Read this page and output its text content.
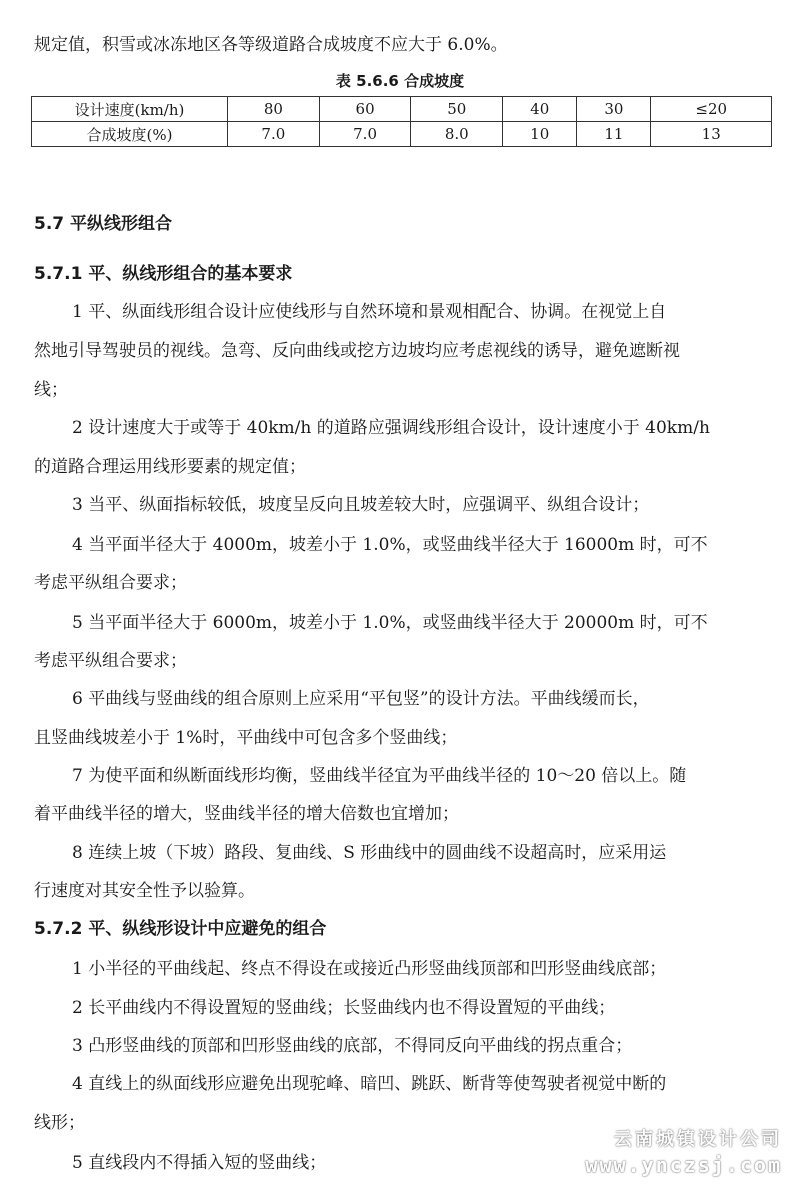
规定值，积雪或冰冻地区各等级道路合成坡度不应大于 6.0%。
表 5.6.6 合成坡度
设计速度(km/h)	80	60	50	40	30	≤20
合成坡度(%)	7.0	7.0	8.0	10	11	13
5.7 平纵线形组合
5.7.1 平、纵线形组合的基本要求
1 平、纵面线形组合设计应使线形与自然环境和景观相配合、协调。在视觉上自
然地引导驾驶员的视线。急弯、反向曲线或挖方边坡均应考虑视线的诱导，避免遮断视
线；
2 设计速度大于或等于 40km/h 的道路应强调线形组合设计，设计速度小于 40km/h
的道路合理运用线形要素的规定值；
3 当平、纵面指标较低，坡度呈反向且坡差较大时，应强调平、纵组合设计；
4 当平面半径大于 4000m，坡差小于 1.0%，或竖曲线半径大于 16000m 时，可不
考虑平纵组合要求；
5 当平面半径大于 6000m，坡差小于 1.0%，或竖曲线半径大于 20000m 时，可不
考虑平纵组合要求；
6 平曲线与竖曲线的组合原则上应采用“平包竖”的设计方法。平曲线缓而长，
且竖曲线坡差小于 1%时，平曲线中可包含多个竖曲线；
7 为使平面和纵断面线形均衡，竖曲线半径宜为平曲线半径的 10～20 倍以上。随
着平曲线半径的增大，竖曲线半径的增大倍数也宜增加；
8 连续上坡（下坡）路段、复曲线、S 形曲线中的圆曲线不设超高时，应采用运
行速度对其安全性予以验算。
5.7.2 平、纵线形设计中应避免的组合
1 小半径的平曲线起、终点不得设在或接近凸形竖曲线顶部和凹形竖曲线底部；
2 长平曲线内不得设置短的竖曲线；长竖曲线内也不得设置短的平曲线；
3 凸形竖曲线的顶部和凹形竖曲线的底部，不得同反向平曲线的拐点重合；
4 直线上的纵面线形应避免出现驼峰、暗凹、跳跃、断背等使驾驶者视觉中断的
线形；
5 直线段内不得插入短的竖曲线；
云南城镇设计公司
www.ynczsj.com
